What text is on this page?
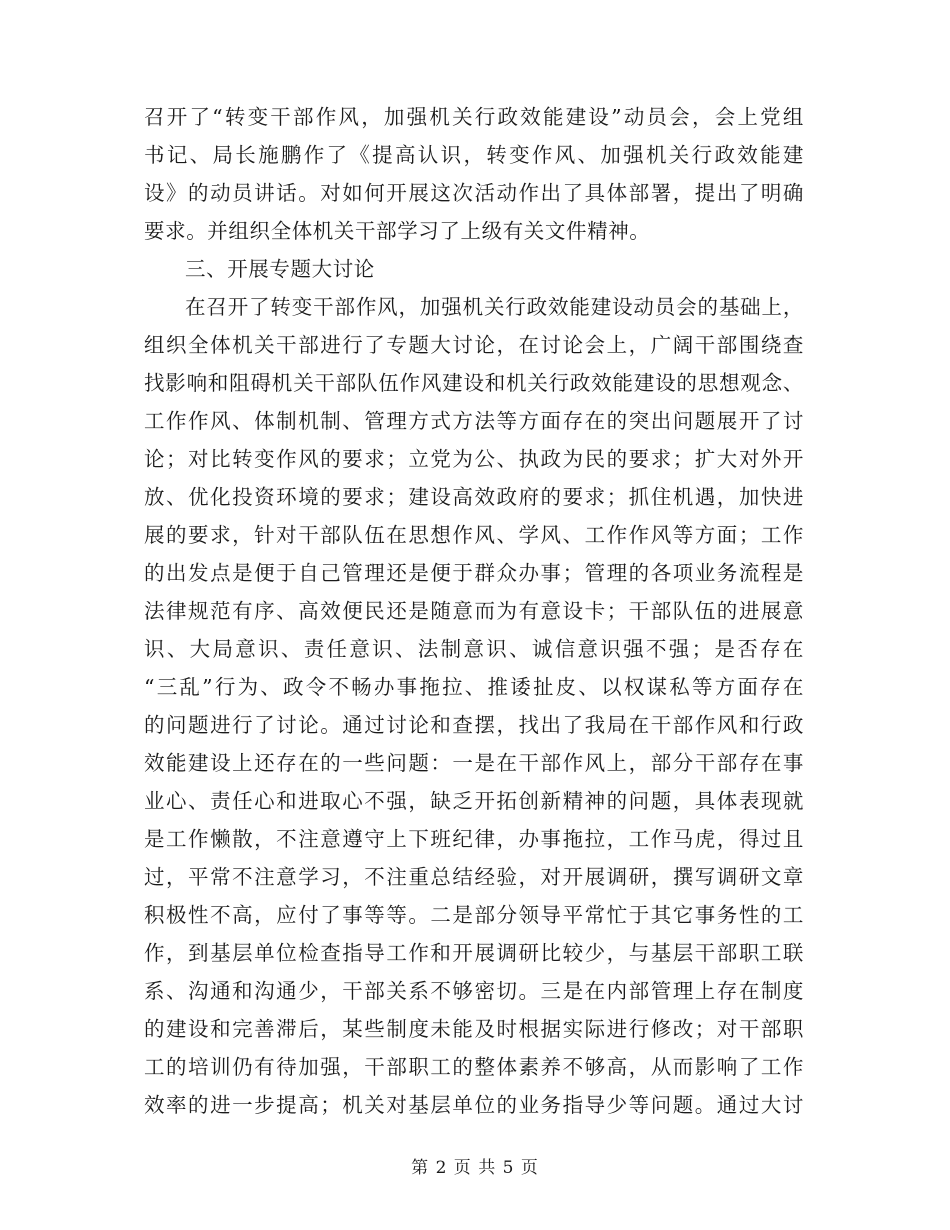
召开了“转变干部作风，加强机关行政效能建设”动员会，会上党组
书记、局长施鹏作了《提高认识，转变作风、加强机关行政效能建
设》的动员讲话。对如何开展这次活动作出了具体部署，提出了明确
要求。并组织全体机关干部学习了上级有关文件精神。
三、开展专题大讨论
在召开了转变干部作风，加强机关行政效能建设动员会的基础上，
组织全体机关干部进行了专题大讨论，在讨论会上，广阔干部围绕查
找影响和阻碍机关干部队伍作风建设和机关行政效能建设的思想观念、
工作作风、体制机制、管理方式方法等方面存在的突出问题展开了讨
论；对比转变作风的要求；立党为公、执政为民的要求；扩大对外开
放、优化投资环境的要求；建设高效政府的要求；抓住机遇，加快进
展的要求，针对干部队伍在思想作风、学风、工作作风等方面；工作
的出发点是便于自己管理还是便于群众办事；管理的各项业务流程是
法律规范有序、高效便民还是随意而为有意设卡；干部队伍的进展意
识、大局意识、责任意识、法制意识、诚信意识强不强；是否存在
“三乱”行为、政令不畅办事拖拉、推诿扯皮、以权谋私等方面存在
的问题进行了讨论。通过讨论和查摆，找出了我局在干部作风和行政
效能建设上还存在的一些问题：一是在干部作风上，部分干部存在事
业心、责任心和进取心不强，缺乏开拓创新精神的问题，具体表现就
是工作懒散，不注意遵守上下班纪律，办事拖拉，工作马虎，得过且
过，平常不注意学习，不注重总结经验，对开展调研，撰写调研文章
积极性不高，应付了事等等。二是部分领导平常忙于其它事务性的工
作，到基层单位检查指导工作和开展调研比较少，与基层干部职工联
系、沟通和沟通少，干部关系不够密切。三是在内部管理上存在制度
的建设和完善滞后，某些制度未能及时根据实际进行修改；对干部职
工的培训仍有待加强，干部职工的整体素养不够高，从而影响了工作
效率的进一步提高；机关对基层单位的业务指导少等问题。通过大讨
第 2 页 共 5 页
